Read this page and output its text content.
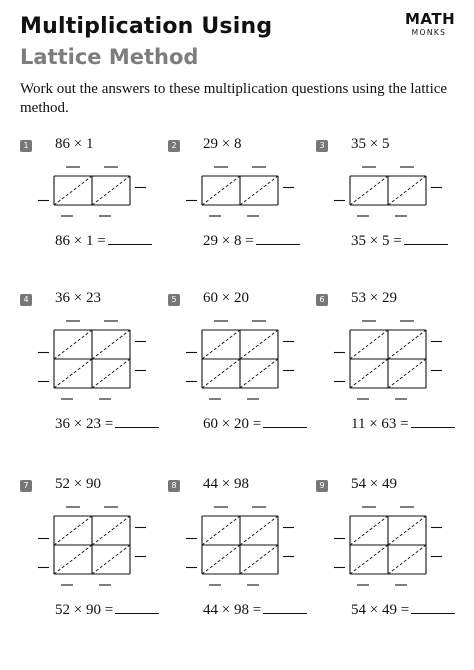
Multiplication Using
Lattice Method
MATH
MONKS

Work out the answers to these multiplication questions using the lattice method.

1 86 × 1
86 × 1 =
2 29 × 8
29 × 8 =
3 35 × 5
35 × 5 =
4 36 × 23
36 × 23 =
5 60 × 20
60 × 20 =
6 53 × 29
11 × 63 =
7 52 × 90
52 × 90 =
8 44 × 98
44 × 98 =
9 54 × 49
54 × 49 =
